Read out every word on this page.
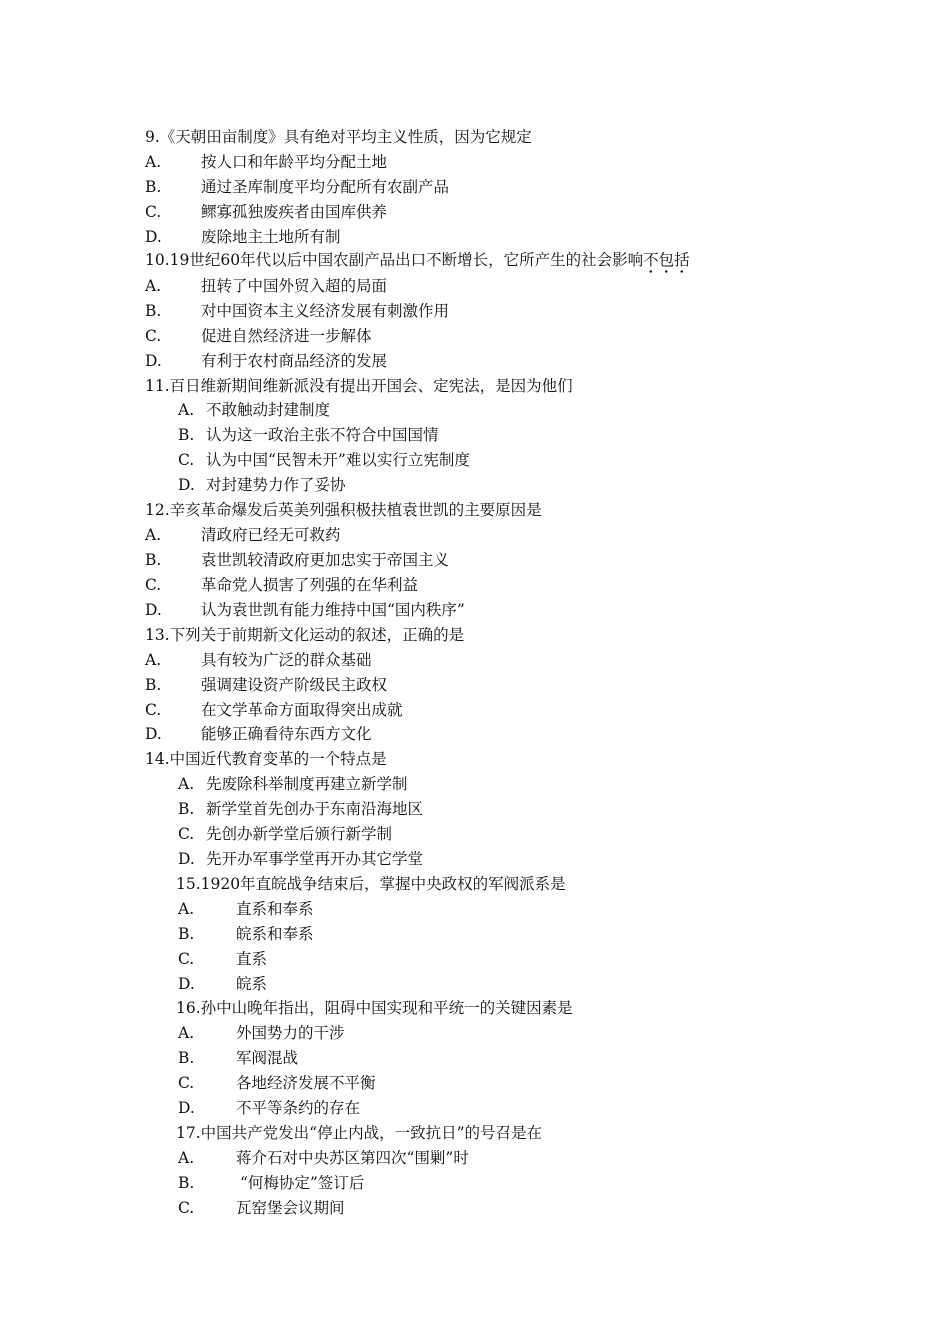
9.《天朝田亩制度》具有绝对平均主义性质，因为它规定
A.	按人口和年龄平均分配土地
B.	通过圣库制度平均分配所有农副产品
C.	鳏寡孤独废疾者由国库供养
D.	废除地主土地所有制
10.19世纪60年代以后中国农副产品出口不断增长，它所产生的社会影响不包括
A.	扭转了中国外贸入超的局面
B.	对中国资本主义经济发展有刺激作用
C.	促进自然经济进一步解体
D.	有利于农村商品经济的发展
11.百日维新期间维新派没有提出开国会、定宪法，是因为他们
A. 不敢触动封建制度
B. 认为这一政治主张不符合中国国情
C. 认为中国“民智未开”难以实行立宪制度
D. 对封建势力作了妥协
12.辛亥革命爆发后英美列强积极扶植袁世凯的主要原因是
A.	清政府已经无可救药
B.	袁世凯较清政府更加忠实于帝国主义
C.	革命党人损害了列强的在华利益
D.	认为袁世凯有能力维持中国“国内秩序”
13.下列关于前期新文化运动的叙述，正确的是
A.	具有较为广泛的群众基础
B.	强调建设资产阶级民主政权
C.	在文学革命方面取得突出成就
D.	能够正确看待东西方文化
14.中国近代教育变革的一个特点是
A. 先废除科举制度再建立新学制
B. 新学堂首先创办于东南沿海地区
C. 先创办新学堂后颁行新学制
D. 先开办军事学堂再开办其它学堂
15.1920年直皖战争结束后，掌握中央政权的军阀派系是
A.	直系和奉系
B.	皖系和奉系
C.	直系
D.	皖系
16.孙中山晚年指出，阻碍中国实现和平统一的关键因素是
A.	外国势力的干涉
B.	军阀混战
C.	各地经济发展不平衡
D.	不平等条约的存在
17.中国共产党发出“停止内战，一致抗日”的号召是在
A.	蒋介石对中央苏区第四次“围剿”时
B.	“何梅协定”签订后
C.	瓦窑堡会议期间
